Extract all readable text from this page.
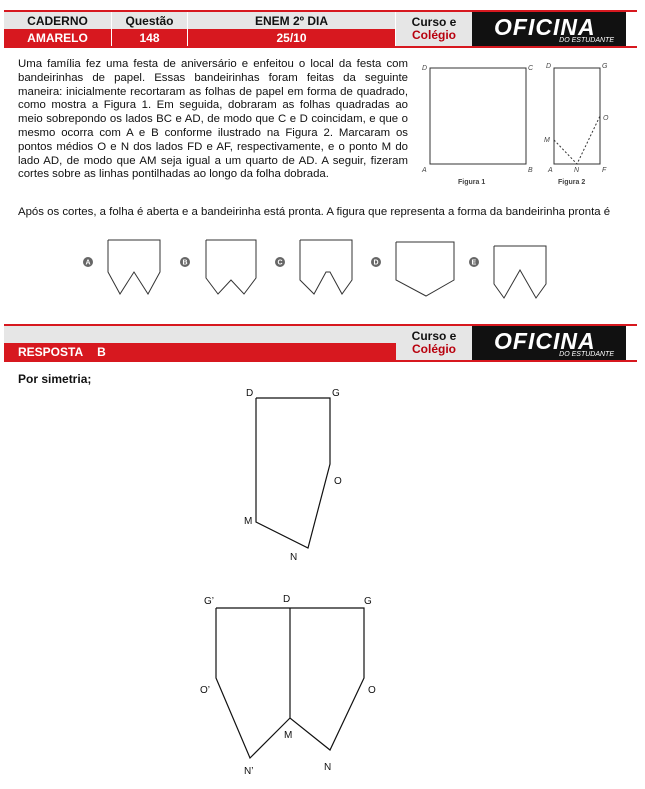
CADERNO	Questão	ENEM 2º DIA
AMARELO	148	25/10
Curso e
Colégio	OFICINA
DO ESTUDANTE

Uma família fez uma festa de aniversário e enfeitou o local da festa com bandeirinhas de papel. Essas bandeirinhas foram feitas da seguinte maneira: inicialmente recortaram as folhas de papel em forma de quadrado, como mostra a Figura 1. Em seguida, dobraram as folhas quadradas ao meio sobrepondo os lados BC e AD, de modo que C e D coincidam, e que o mesmo ocorra com A e B conforme ilustrado na Figura 2. Marcaram os pontos médios O e N dos lados FD e AF, respectivamente, e o ponto M do lado AD, de modo que AM seja igual a um quarto de AD. A seguir, fizeram cortes sobre as linhas pontilhadas ao longo da folha dobrada.

D	C
A	B
Figura 1
D	G
O
M
A	N	F
Figura 2

Após os cortes, a folha é aberta e a bandeirinha está pronta. A figura que representa a forma da bandeirinha pronta é

A	B	C	D	E
RESPOSTA B
Curso e
Colégio	OFICINA
DO ESTUDANTE
Por simetria;
D	G
O
M
N
G’	D	G
O’	O
M
N’	N
